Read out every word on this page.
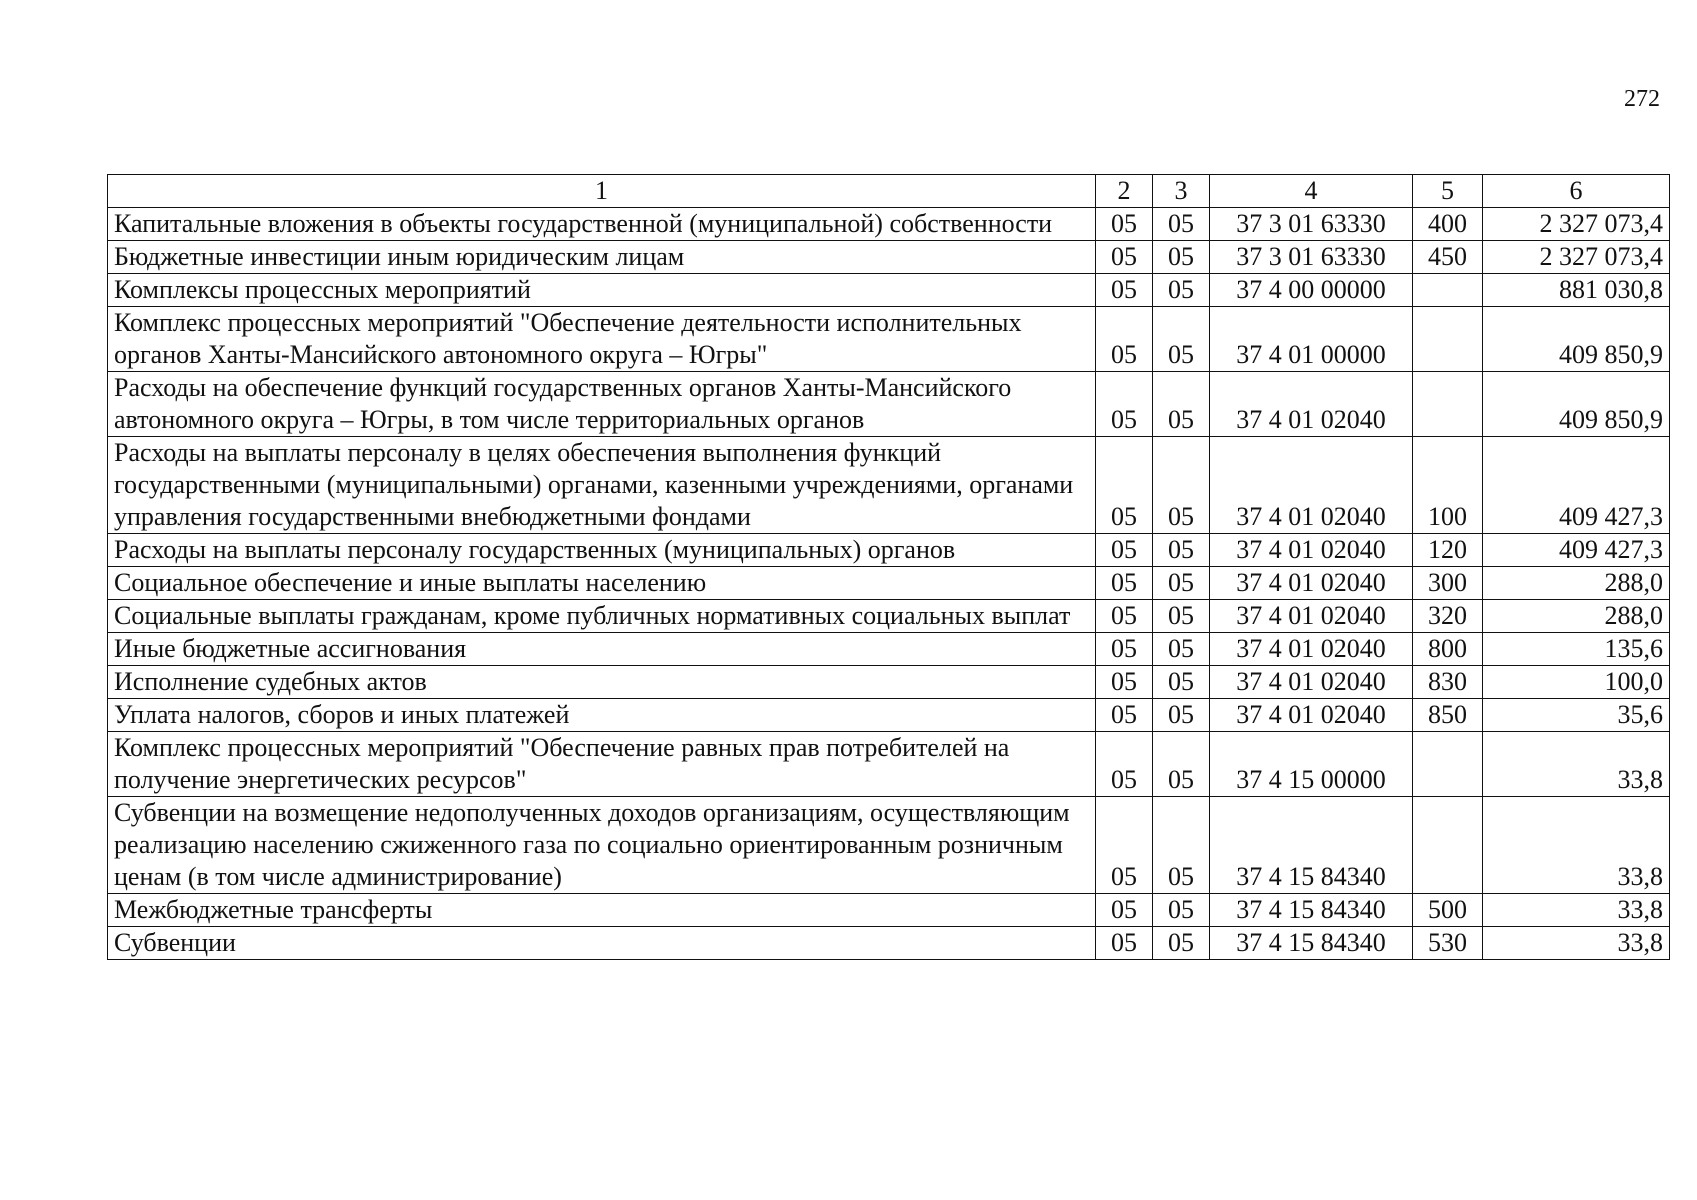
272
1	2	3	4	5	6
Капитальные вложения в объекты государственной (муниципальной) собственности	05	05	37 3 01 63330	400	2 327 073,4
Бюджетные инвестиции иным юридическим лицам	05	05	37 3 01 63330	450	2 327 073,4
Комплексы процессных мероприятий	05	05	37 4 00 00000		881 030,8
Комплекс процессных мероприятий "Обеспечение деятельности исполнительных органов Ханты-Мансийского автономного округа – Югры"	05	05	37 4 01 00000		409 850,9
Расходы на обеспечение функций государственных органов Ханты-Мансийского автономного округа – Югры, в том числе территориальных органов	05	05	37 4 01 02040		409 850,9
Расходы на выплаты персоналу в целях обеспечения выполнения функций государственными (муниципальными) органами, казенными учреждениями, органами управления государственными внебюджетными фондами	05	05	37 4 01 02040	100	409 427,3
Расходы на выплаты персоналу государственных (муниципальных) органов	05	05	37 4 01 02040	120	409 427,3
Социальное обеспечение и иные выплаты населению	05	05	37 4 01 02040	300	288,0
Социальные выплаты гражданам, кроме публичных нормативных социальных выплат	05	05	37 4 01 02040	320	288,0
Иные бюджетные ассигнования	05	05	37 4 01 02040	800	135,6
Исполнение судебных актов	05	05	37 4 01 02040	830	100,0
Уплата налогов, сборов и иных платежей	05	05	37 4 01 02040	850	35,6
Комплекс процессных мероприятий "Обеспечение равных прав потребителей на получение энергетических ресурсов"	05	05	37 4 15 00000		33,8
Субвенции на возмещение недополученных доходов организациям, осуществляющим реализацию населению сжиженного газа по социально ориентированным розничным ценам (в том числе администрирование)	05	05	37 4 15 84340		33,8
Межбюджетные трансферты	05	05	37 4 15 84340	500	33,8
Субвенции	05	05	37 4 15 84340	530	33,8
